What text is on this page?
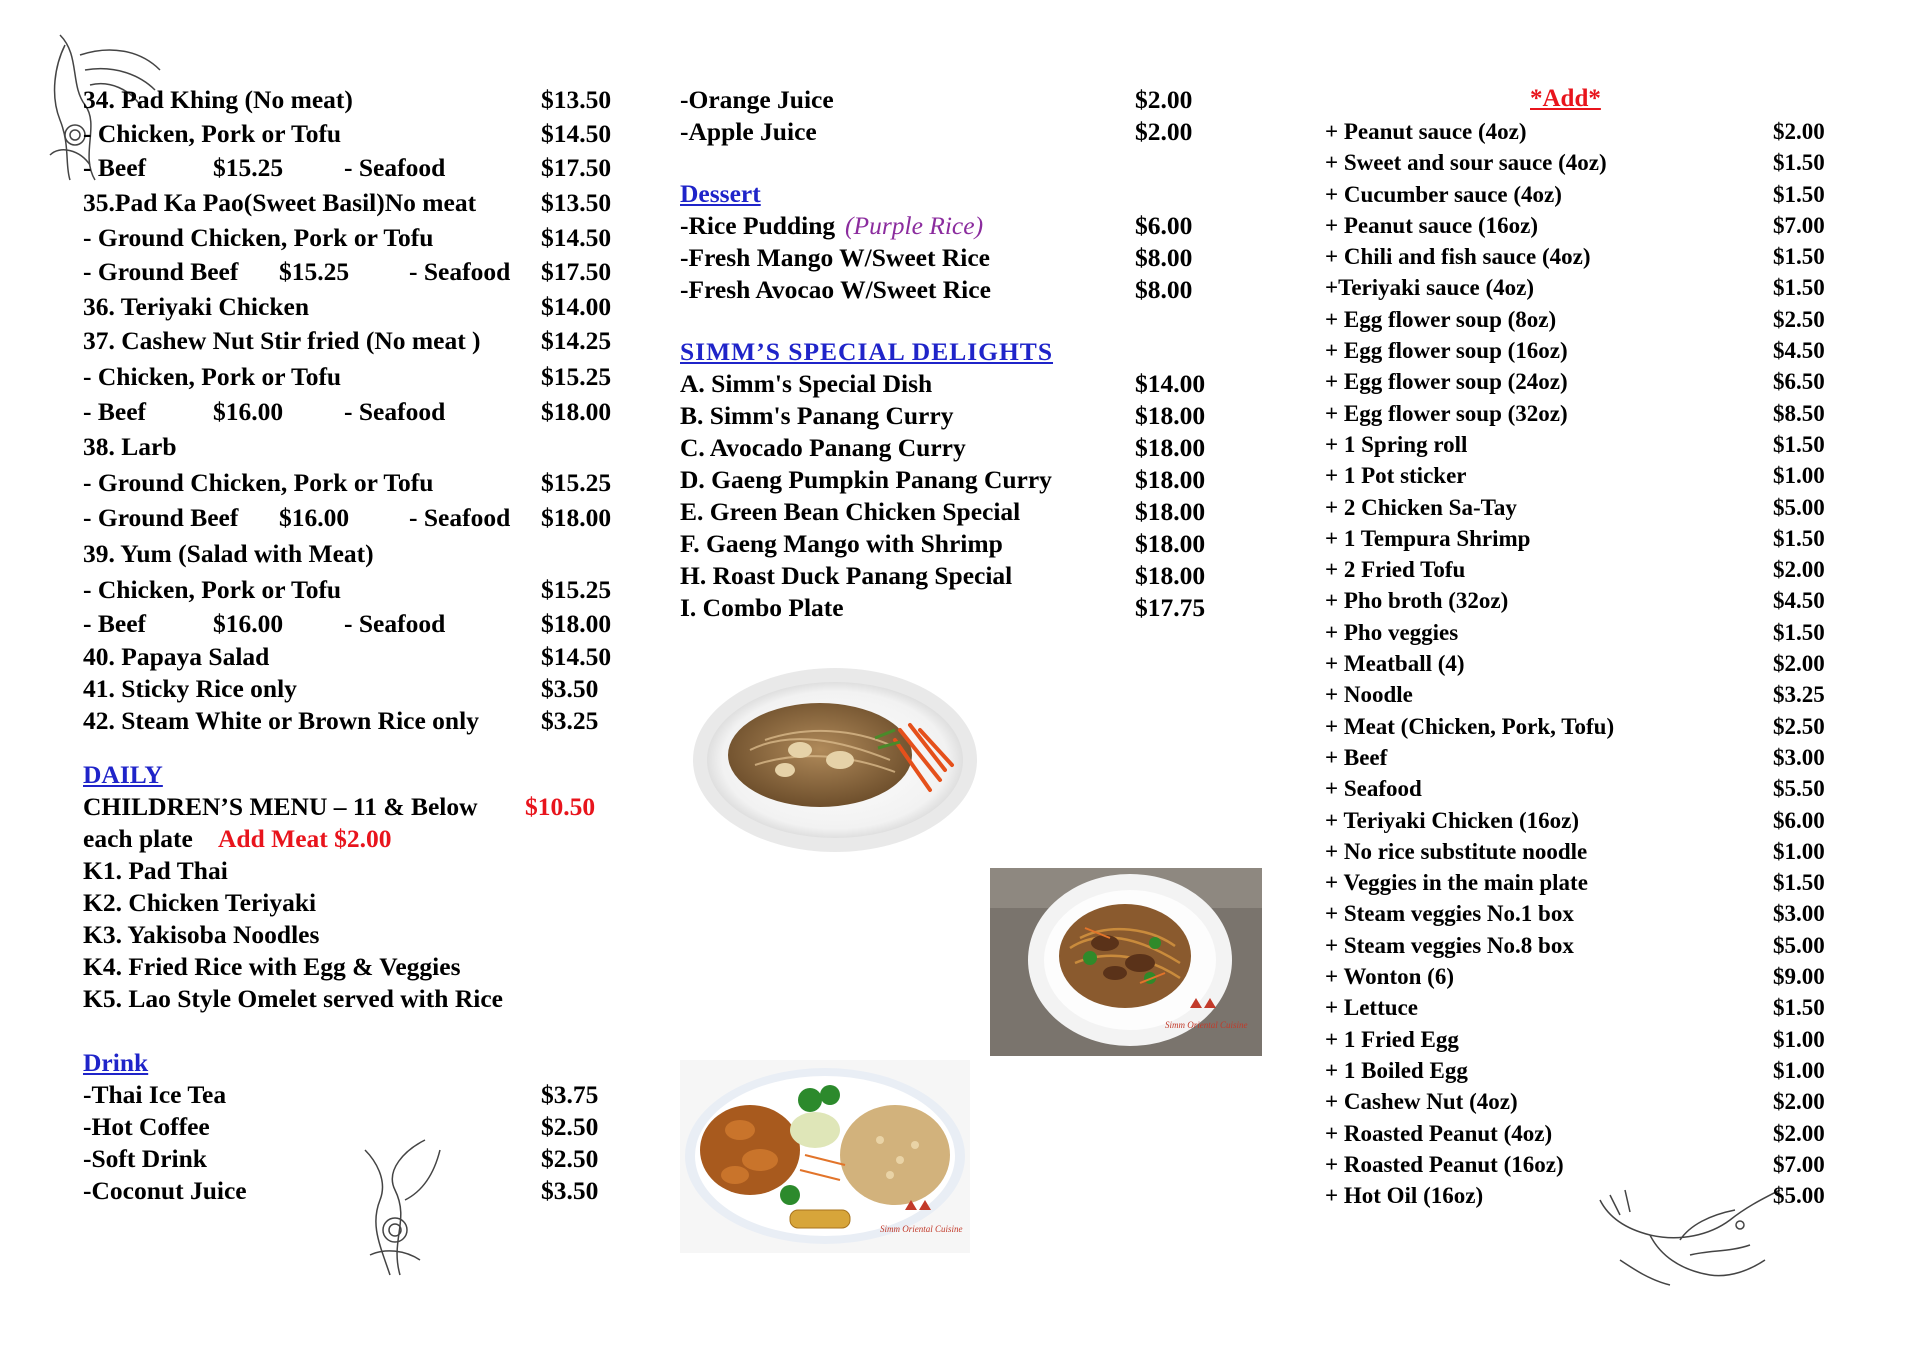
34. Pad Khing (No meat)	$13.50
- Chicken, Pork or Tofu	$14.50
- Beef	$15.25 - Seafood	$17.50
35.Pad Ka Pao(Sweet Basil)No meat	$13.50
- Ground Chicken, Pork or Tofu	$14.50
- Ground Beef $15.25 - Seafood $17.50
36. Teriyaki Chicken	$14.00
37. Cashew Nut Stir fried (No meat ) $14.25
- Chicken, Pork or Tofu	$15.25
- Beef	$16.00 - Seafood	$18.00
38. Larb
- Ground Chicken, Pork or Tofu	$15.25
- Ground Beef $16.00 - Seafood $18.00
39. Yum (Salad with Meat)
- Chicken, Pork or Tofu	$15.25
- Beef	$16.00 - Seafood	$18.00
40. Papaya Salad	$14.50
41. Sticky Rice only	$3.50
42. Steam White or Brown Rice only $3.25
DAILY
CHILDREN’S MENU – 11 & Below $10.50
each plate Add Meat $2.00
K1. Pad Thai
K2. Chicken Teriyaki
K3. Yakisoba Noodles
K4. Fried Rice with Egg & Veggies
K5. Lao Style Omelet served with Rice
Drink
-Thai Ice Tea	$3.75
-Hot Coffee	$2.50
-Soft Drink	$2.50
-Coconut Juice	$3.50
-Orange Juice	$2.00
-Apple Juice	$2.00
Dessert
-Rice Pudding (Purple Rice)	$6.00
-Fresh Mango W/Sweet Rice	$8.00
-Fresh Avocao W/Sweet Rice	$8.00
SIMM’S SPECIAL DELIGHTS
A. Simm's Special Dish	$14.00
B. Simm's Panang Curry	$18.00
C. Avocado Panang Curry	$18.00
D. Gaeng Pumpkin Panang Curry	$18.00
E. Green Bean Chicken Special	$18.00
F. Gaeng Mango with Shrimp	$18.00
H. Roast Duck Panang Special	$18.00
I. Combo Plate	$17.75
Simm Oriental Cuisine
Simm Oriental Cuisine
*Add*
+ Peanut sauce (4oz)	$2.00
+ Sweet and sour sauce (4oz)	$1.50
+ Cucumber sauce (4oz)	$1.50
+ Peanut sauce (16oz)	$7.00
+ Chili and fish sauce (4oz)	$1.50
+Teriyaki sauce (4oz)	$1.50
+ Egg flower soup (8oz)	$2.50
+ Egg flower soup (16oz)	$4.50
+ Egg flower soup (24oz)	$6.50
+ Egg flower soup (32oz)	$8.50
+ 1 Spring roll	$1.50
+ 1 Pot sticker	$1.00
+ 2 Chicken Sa-Tay	$5.00
+ 1 Tempura Shrimp	$1.50
+ 2 Fried Tofu	$2.00
+ Pho broth (32oz)	$4.50
+ Pho veggies	$1.50
+ Meatball (4)	$2.00
+ Noodle	$3.25
+ Meat (Chicken, Pork, Tofu)	$2.50
+ Beef	$3.00
+ Seafood	$5.50
+ Teriyaki Chicken (16oz)	$6.00
+ No rice substitute noodle	$1.00
+ Veggies in the main plate	$1.50
+ Steam veggies No.1 box	$3.00
+ Steam veggies No.8 box	$5.00
+ Wonton (6)	$9.00
+ Lettuce	$1.50
+ 1 Fried Egg	$1.00
+ 1 Boiled Egg	$1.00
+ Cashew Nut (4oz)	$2.00
+ Roasted Peanut (4oz)	$2.00
+ Roasted Peanut (16oz)	$7.00
+ Hot Oil (16oz)	$5.00
